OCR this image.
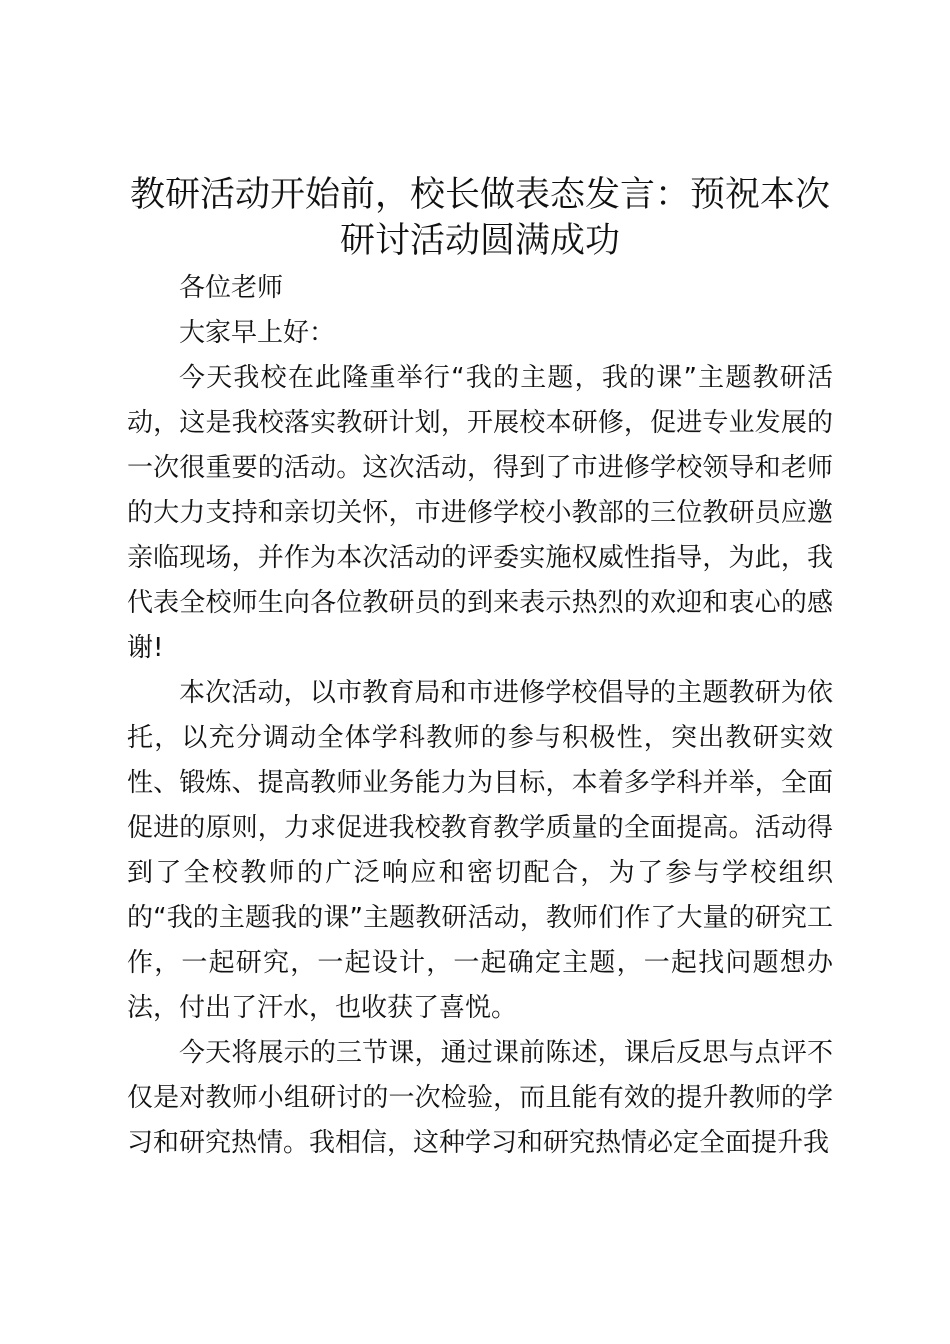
教研活动开始前，校长做表态发言：预祝本次
研讨活动圆满成功

各位老师

大家早上好：

今天我校在此隆重举行“我的主题，我的课”主题教研活动，这是我校落实教研计划，开展校本研修，促进专业发展的一次很重要的活动。这次活动，得到了市进修学校领导和老师的大力支持和亲切关怀，市进修学校小教部的三位教研员应邀亲临现场，并作为本次活动的评委实施权威性指导，为此，我代表全校师生向各位教研员的到来表示热烈的欢迎和衷心的感谢!

本次活动，以市教育局和市进修学校倡导的主题教研为依托，以充分调动全体学科教师的参与积极性，突出教研实效性、锻炼、提高教师业务能力为目标，本着多学科并举，全面促进的原则，力求促进我校教育教学质量的全面提高。活动得到了全校教师的广泛响应和密切配合，为了参与学校组织的“我的主题我的课”主题教研活动，教师们作了大量的研究工作，一起研究，一起设计，一起确定主题，一起找问题想办法，付出了汗水，也收获了喜悦。

今天将展示的三节课，通过课前陈述，课后反思与点评不仅是对教师小组研讨的一次检验，而且能有效的提升教师的学习和研究热情。我相信，这种学习和研究热情必定全面提升我
